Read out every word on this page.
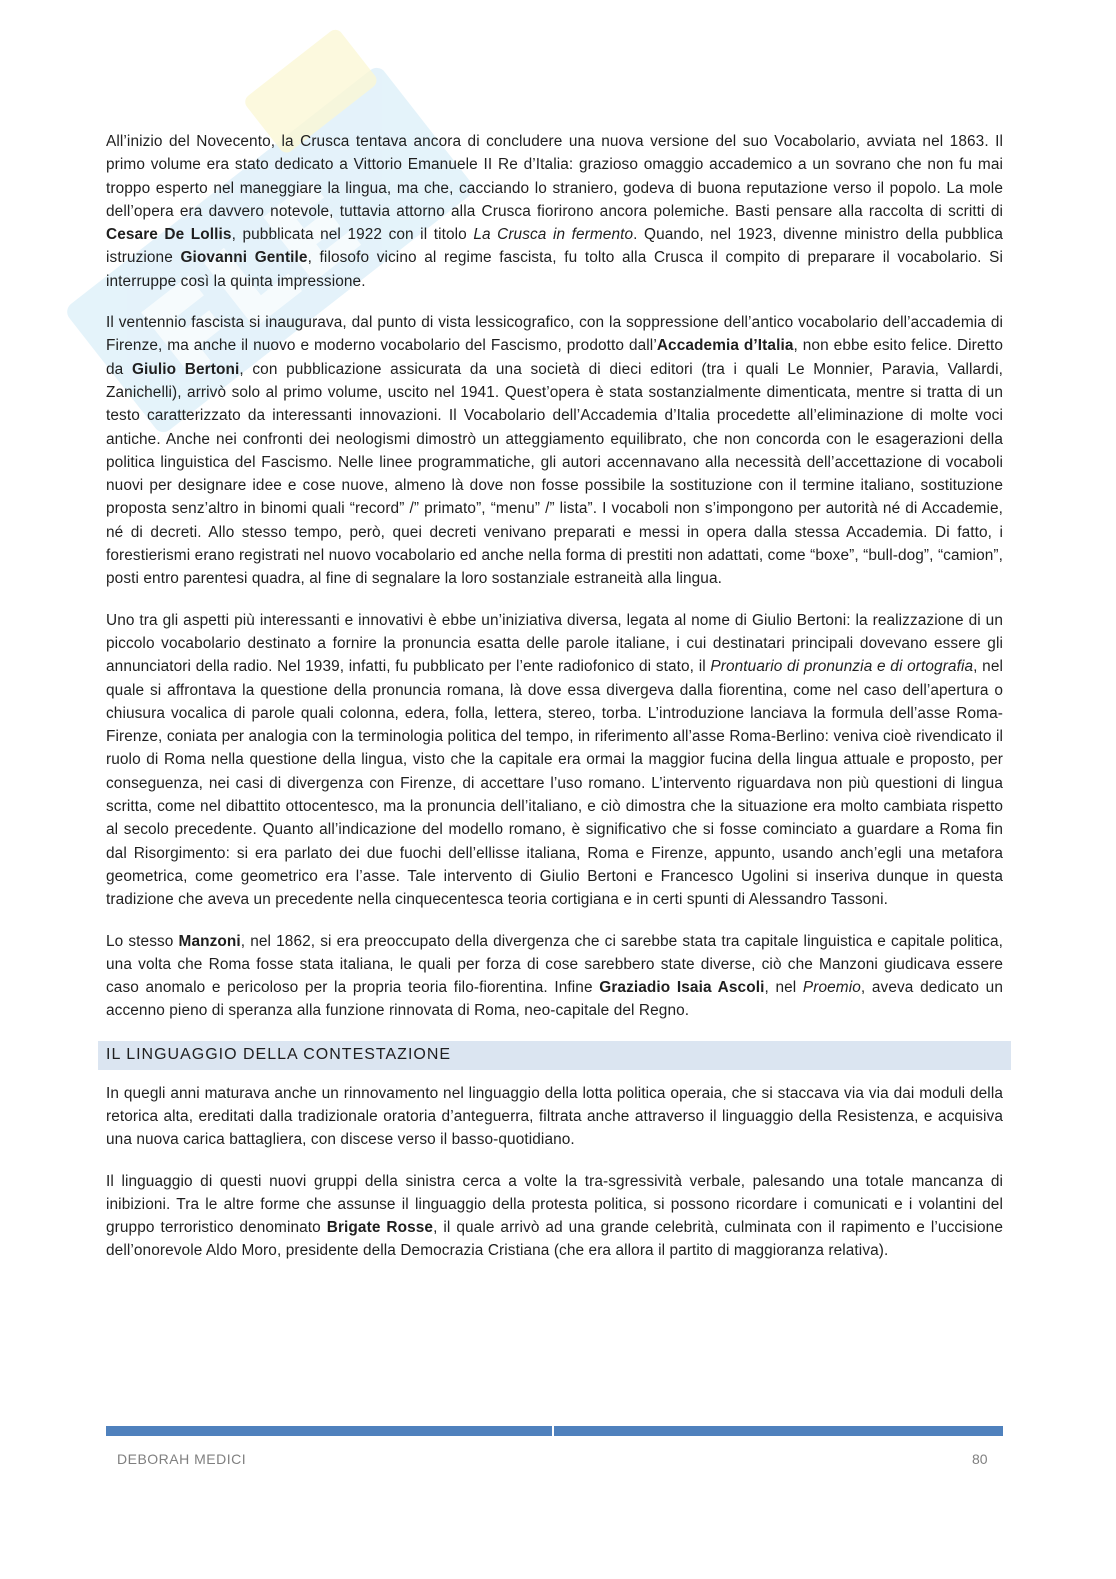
All’inizio del Novecento, la Crusca tentava ancora di concludere una nuova versione del suo Vocabolario, avviata nel 1863. Il primo volume era stato dedicato a Vittorio Emanuele II Re d’Italia: grazioso omaggio accademico a un sovrano che non fu mai troppo esperto nel maneggiare la lingua, ma che, cacciando lo straniero, godeva di buona reputazione verso il popolo. La mole dell’opera era davvero notevole, tuttavia attorno alla Crusca fiorirono ancora polemiche. Basti pensare alla raccolta di scritti di Cesare De Lollis, pubblicata nel 1922 con il titolo La Crusca in fermento. Quando, nel 1923, divenne ministro della pubblica istruzione Giovanni Gentile, filosofo vicino al regime fascista, fu tolto alla Crusca il compito di preparare il vocabolario. Si interruppe così la quinta impressione.

Il ventennio fascista si inaugurava, dal punto di vista lessicografico, con la soppressione dell’antico vocabolario dell’accademia di Firenze, ma anche il nuovo e moderno vocabolario del Fascismo, prodotto dall’Accademia d’Italia, non ebbe esito felice. Diretto da Giulio Bertoni, con pubblicazione assicurata da una società di dieci editori (tra i quali Le Monnier, Paravia, Vallardi, Zanichelli), arrivò solo al primo volume, uscito nel 1941. Quest’opera è stata sostanzialmente dimenticata, mentre si tratta di un testo caratterizzato da interessanti innovazioni. Il Vocabolario dell’Accademia d’Italia procedette all’eliminazione di molte voci antiche. Anche nei confronti dei neologismi dimostrò un atteggiamento equilibrato, che non concorda con le esagerazioni della politica linguistica del Fascismo. Nelle linee programmatiche, gli autori accennavano alla necessità dell’accettazione di vocaboli nuovi per designare idee e cose nuove, almeno là dove non fosse possibile la sostituzione con il termine italiano, sostituzione proposta senz’altro in binomi quali “record” /” primato”, “menu” /” lista”. I vocaboli non s’impongono per autorità né di Accademie, né di decreti. Allo stesso tempo, però, quei decreti venivano preparati e messi in opera dalla stessa Accademia. Di fatto, i forestierismi erano registrati nel nuovo vocabolario ed anche nella forma di prestiti non adattati, come “boxe”, “bull-dog”, “camion”, posti entro parentesi quadra, al fine di segnalare la loro sostanziale estraneità alla lingua.

Uno tra gli aspetti più interessanti e innovativi è ebbe un’iniziativa diversa, legata al nome di Giulio Bertoni: la realizzazione di un piccolo vocabolario destinato a fornire la pronuncia esatta delle parole italiane, i cui destinatari principali dovevano essere gli annunciatori della radio. Nel 1939, infatti, fu pubblicato per l’ente radiofonico di stato, il Prontuario di pronunzia e di ortografia, nel quale si affrontava la questione della pronuncia romana, là dove essa divergeva dalla fiorentina, come nel caso dell’apertura o chiusura vocalica di parole quali colonna, edera, folla, lettera, stereo, torba. L’introduzione lanciava la formula dell’asse Roma-Firenze, coniata per analogia con la terminologia politica del tempo, in riferimento all’asse Roma-Berlino: veniva cioè rivendicato il ruolo di Roma nella questione della lingua, visto che la capitale era ormai la maggior fucina della lingua attuale e proposto, per conseguenza, nei casi di divergenza con Firenze, di accettare l’uso romano. L’intervento riguardava non più questioni di lingua scritta, come nel dibattito ottocentesco, ma la pronuncia dell’italiano, e ciò dimostra che la situazione era molto cambiata rispetto al secolo precedente. Quanto all’indicazione del modello romano, è significativo che si fosse cominciato a guardare a Roma fin dal Risorgimento: si era parlato dei due fuochi dell’ellisse italiana, Roma e Firenze, appunto, usando anch’egli una metafora geometrica, come geometrico era l’asse. Tale intervento di Giulio Bertoni e Francesco Ugolini si inseriva dunque in questa tradizione che aveva un precedente nella cinquecentesca teoria cortigiana e in certi spunti di Alessandro Tassoni.

Lo stesso Manzoni, nel 1862, si era preoccupato della divergenza che ci sarebbe stata tra capitale linguistica e capitale politica, una volta che Roma fosse stata italiana, le quali per forza di cose sarebbero state diverse, ciò che Manzoni giudicava essere caso anomalo e pericoloso per la propria teoria filo-fiorentina. Infine Graziadio Isaia Ascoli, nel Proemio, aveva dedicato un accenno pieno di speranza alla funzione rinnovata di Roma, neo-capitale del Regno.

IL LINGUAGGIO DELLA CONTESTAZIONE

In quegli anni maturava anche un rinnovamento nel linguaggio della lotta politica operaia, che si staccava via via dai moduli della retorica alta, ereditati dalla tradizionale oratoria d’anteguerra, filtrata anche attraverso il linguaggio della Resistenza, e acquisiva una nuova carica battagliera, con discese verso il basso-quotidiano.

Il linguaggio di questi nuovi gruppi della sinistra cerca a volte la tra-sgressività verbale, palesando una totale mancanza di inibizioni. Tra le altre forme che assunse il linguaggio della protesta politica, si possono ricordare i comunicati e i volantini del gruppo terroristico denominato Brigate Rosse, il quale arrivò ad una grande celebrità, culminata con il rapimento e l’uccisione dell’onorevole Aldo Moro, presidente della Democrazia Cristiana (che era allora il partito di maggioranza relativa).

DEBORAH MEDICI	80
